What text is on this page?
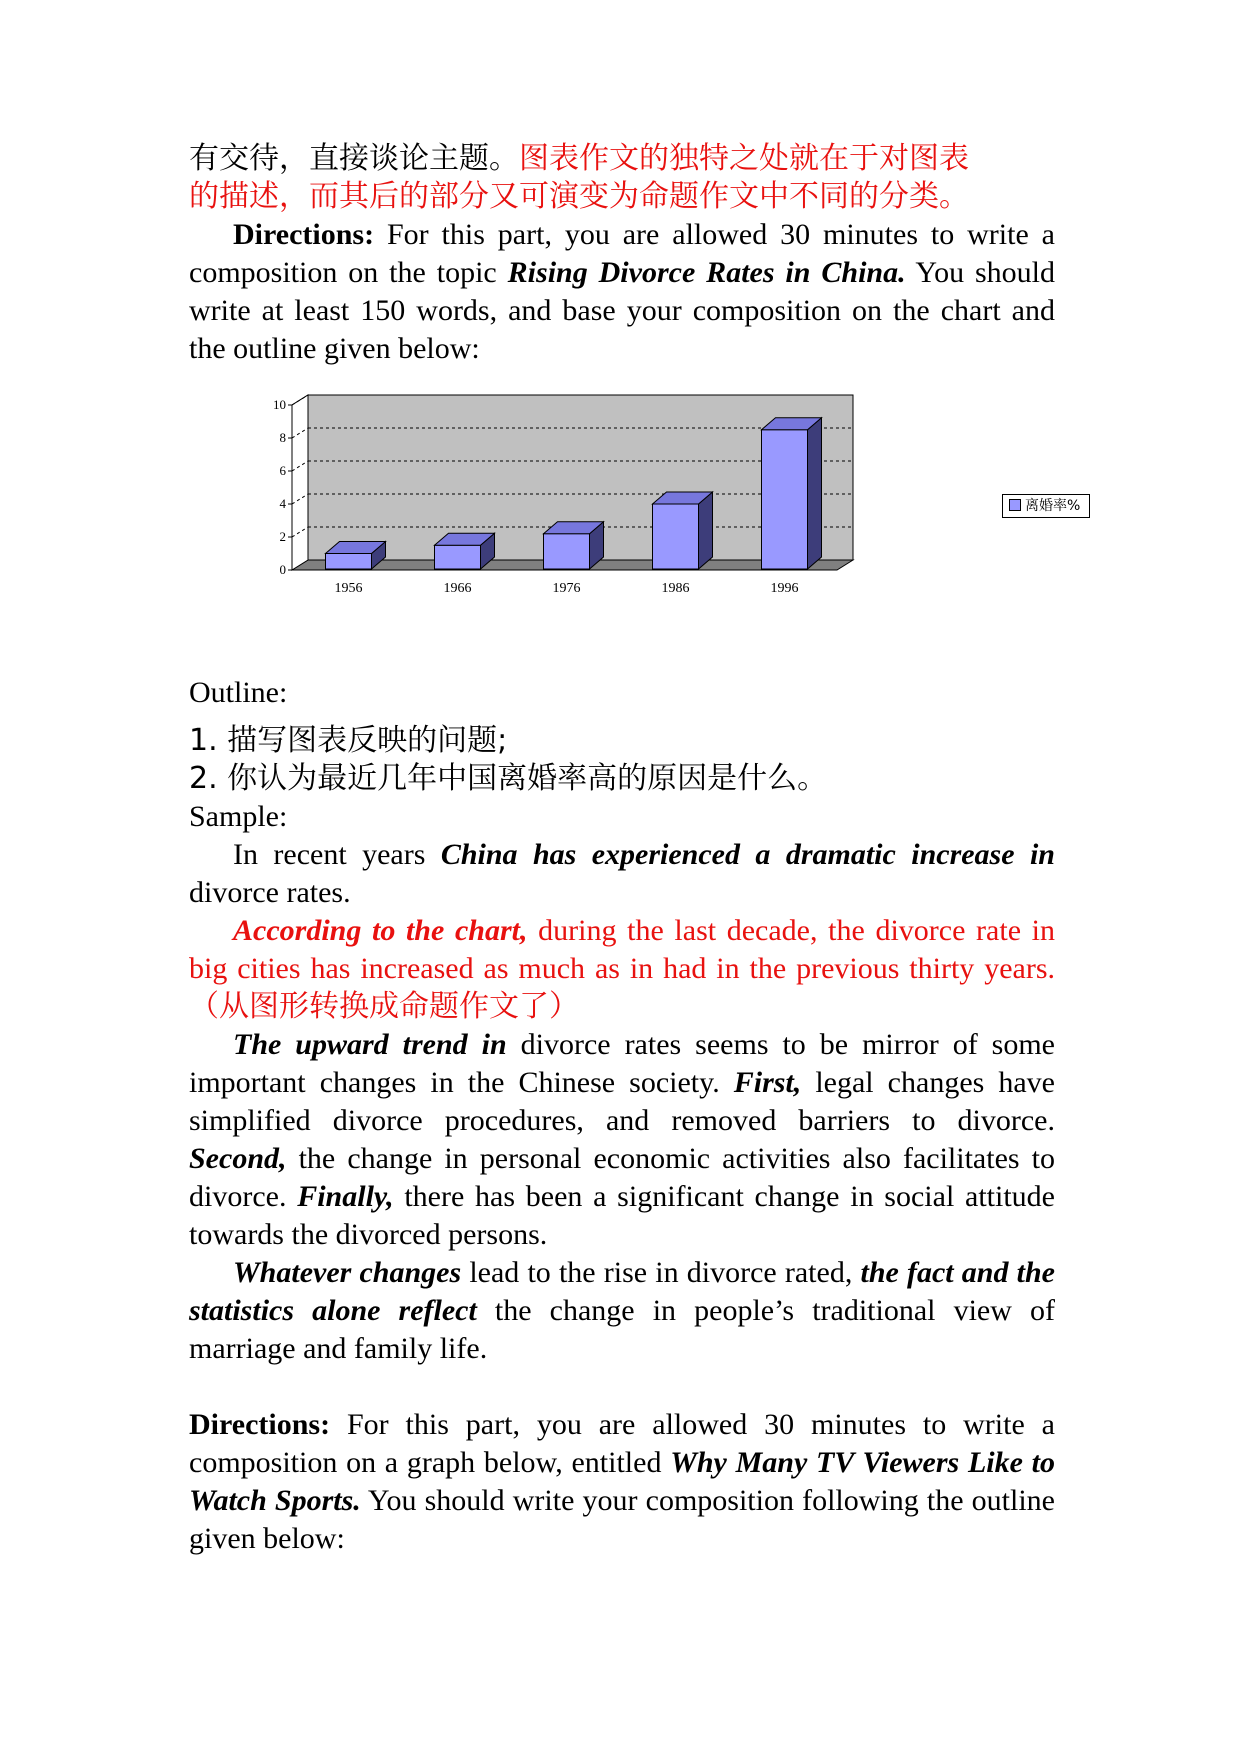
有交待，直接谈论主题。图表作文的独特之处就在于对图表
的描述，而其后的部分又可演变为命题作文中不同的分类。

Directions: For this part, you are allowed 30 minutes to write a composition on the topic Rising Divorce Rates in China. You should write at least 150 words, and base your composition on the chart and the outline given below:

0
2
4
6
8
10
1956	1966	1976	1986	1996
离婚率%

Outline:

1. 描写图表反映的问题;

2. 你认为最近几年中国离婚率高的原因是什么。

Sample:

In recent years China has experienced a dramatic increase in divorce rates.

According to the chart, during the last decade, the divorce rate in big cities has increased as much as in had in the previous thirty years. （从图形转换成命题作文了）

The upward trend in divorce rates seems to be mirror of some important changes in the Chinese society. First, legal changes have simplified divorce procedures, and removed barriers to divorce. Second, the change in personal economic activities also facilitates to divorce. Finally, there has been a significant change in social attitude towards the divorced persons.

Whatever changes lead to the rise in divorce rated, the fact and the statistics alone reflect the change in people’s traditional view of marriage and family life.

Directions: For this part, you are allowed 30 minutes to write a composition on a graph below, entitled Why Many TV Viewers Like to Watch Sports. You should write your composition following the outline given below:
